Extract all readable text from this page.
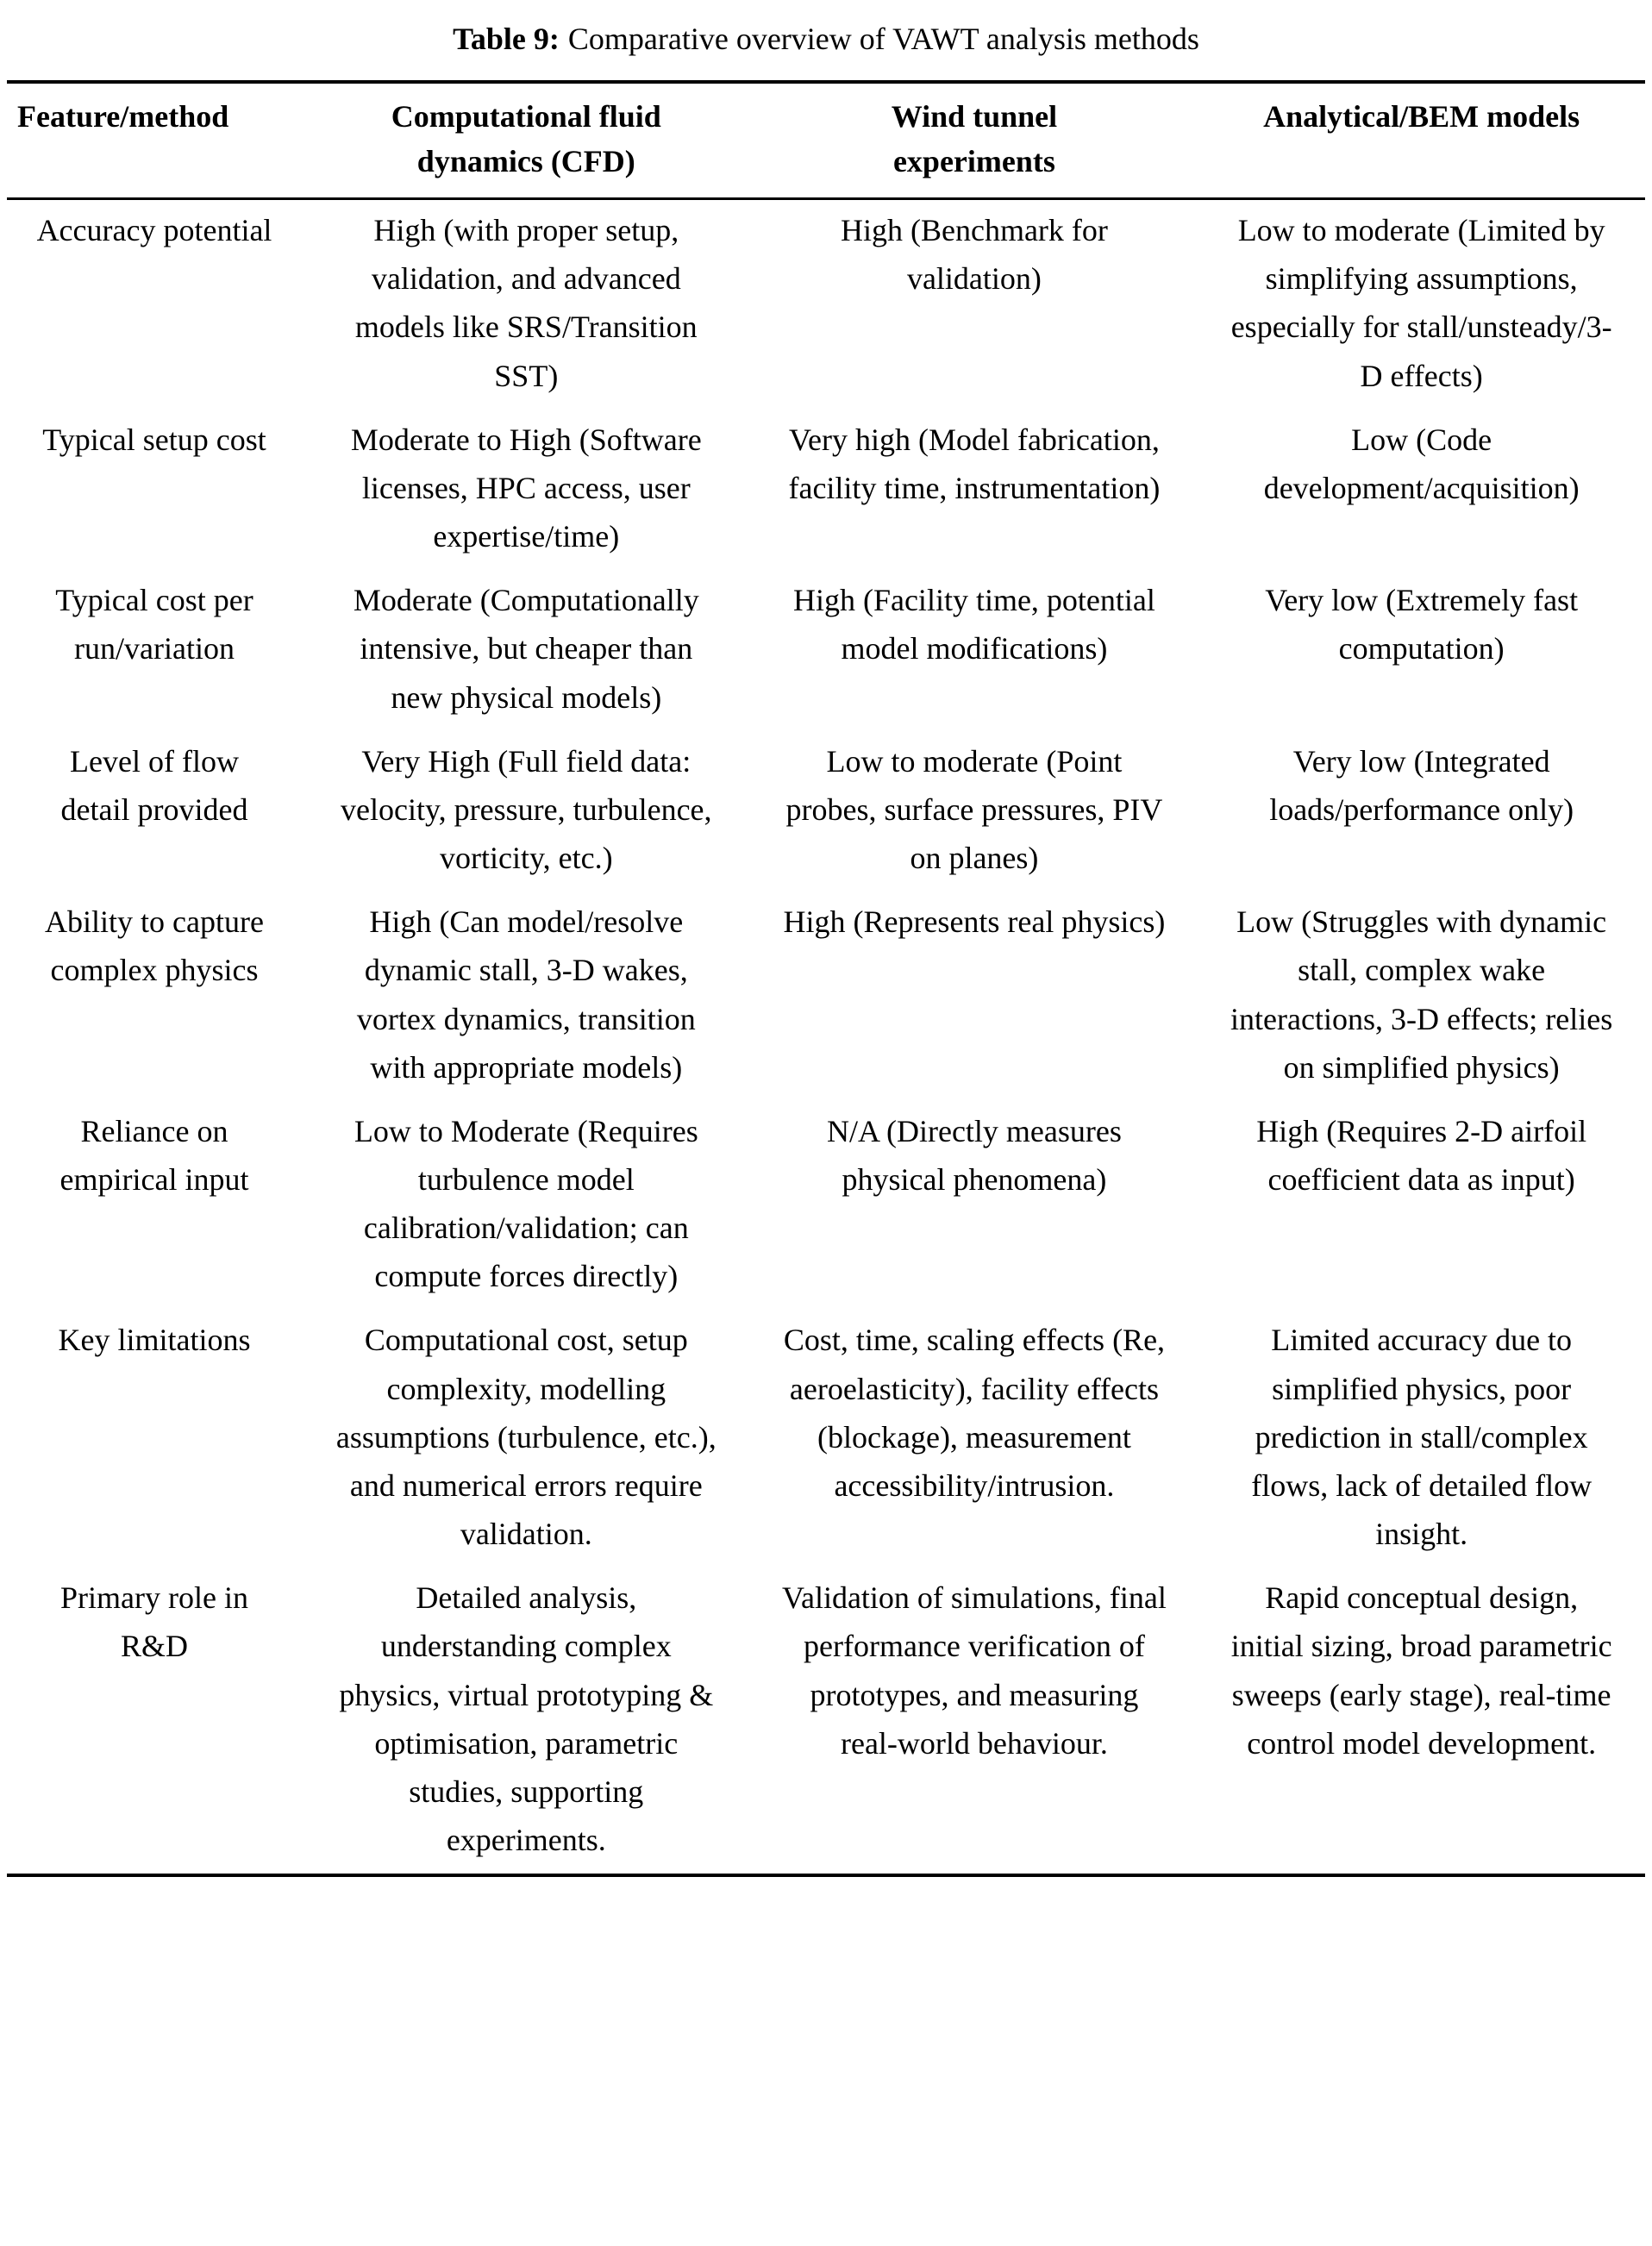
Table 9: Comparative overview of VAWT analysis methods
Feature/method	Computational fluid dynamics (CFD)	Wind tunnel experiments	Analytical/BEM models
Accuracy potential	High (with proper setup, validation, and advanced models like SRS/Transition SST)	High (Benchmark for validation)	Low to moderate (Limited by simplifying assumptions, especially for stall/unsteady/3-D effects)
Typical setup cost	Moderate to High (Software licenses, HPC access, user expertise/time)	Very high (Model fabrication, facility time, instrumentation)	Low (Code development/acquisition)
Typical cost per run/variation	Moderate (Computationally intensive, but cheaper than new physical models)	High (Facility time, potential model modifications)	Very low (Extremely fast computation)
Level of flow detail provided	Very High (Full field data: velocity, pressure, turbulence, vorticity, etc.)	Low to moderate (Point probes, surface pressures, PIV on planes)	Very low (Integrated loads/performance only)
Ability to capture complex physics	High (Can model/resolve dynamic stall, 3-D wakes, vortex dynamics, transition with appropriate models)	High (Represents real physics)	Low (Struggles with dynamic stall, complex wake interactions, 3-D effects; relies on simplified physics)
Reliance on empirical input	Low to Moderate (Requires turbulence model calibration/validation; can compute forces directly)	N/A (Directly measures physical phenomena)	High (Requires 2-D airfoil coefficient data as input)
Key limitations	Computational cost, setup complexity, modelling assumptions (turbulence, etc.), and numerical errors require validation.	Cost, time, scaling effects (Re, aeroelasticity), facility effects (blockage), measurement accessibility/intrusion.	Limited accuracy due to simplified physics, poor prediction in stall/complex flows, lack of detailed flow insight.
Primary role in R&D	Detailed analysis, understanding complex physics, virtual prototyping & optimisation, parametric studies, supporting experiments.	Validation of simulations, final performance verification of prototypes, and measuring real-world behaviour.	Rapid conceptual design, initial sizing, broad parametric sweeps (early stage), real-time control model development.
